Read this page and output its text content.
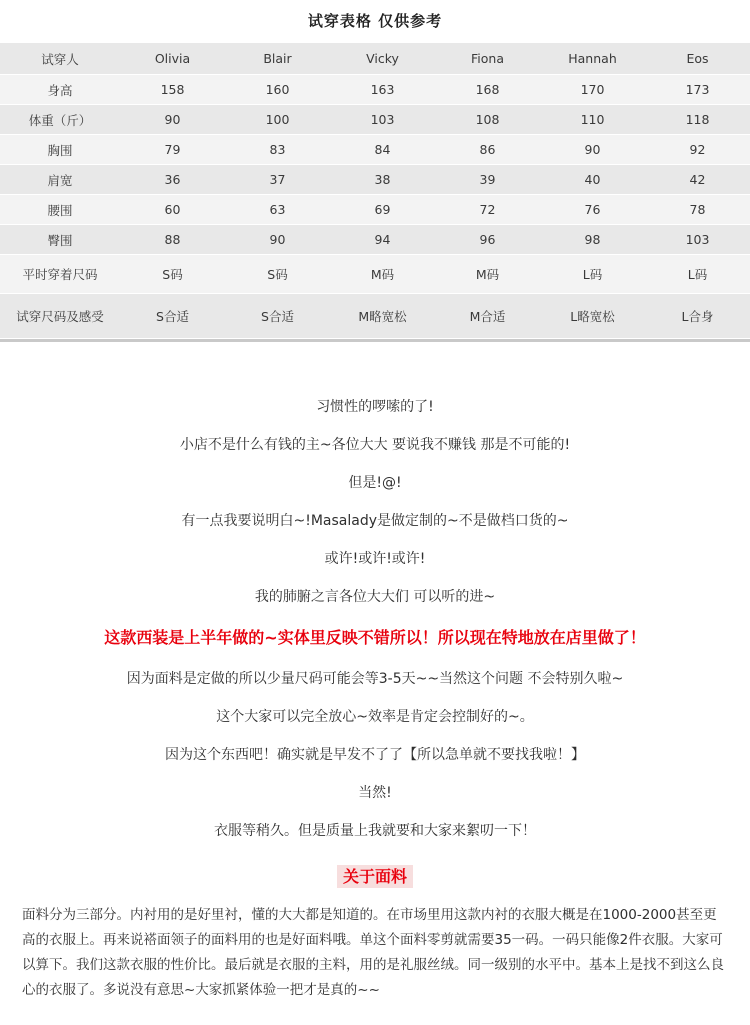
试穿表格 仅供参考
试穿人	Olivia	Blair	Vicky	Fiona	Hannah	Eos
身高	158	160	163	168	170	173
体重（斤）	90	100	103	108	110	118
胸围	79	83	84	86	90	92
肩宽	36	37	38	39	40	42
腰围	60	63	69	72	76	78
臀围	88	90	94	96	98	103
平时穿着尺码	S码	S码	M码	M码	L码	L码
试穿尺码及感受	S合适	S合适	M略宽松	M合适	L略宽松	L合身

习惯性的啰嗦的了!

小店不是什么有钱的主~各位大大 要说我不赚钱 那是不可能的!

但是!@!

有一点我要说明白~!Masalady是做定制的~不是做档口货的~

或许!或许!或许!

我的肺腑之言各位大大们 可以听的进~

这款西装是上半年做的~实体里反映不错所以！所以现在特地放在店里做了！

因为面料是定做的所以少量尺码可能会等3-5天~~当然这个问题 不会特别久啦~

这个大家可以完全放心~效率是肯定会控制好的~。

因为这个东西吧！确实就是早发不了了【所以急单就不要找我啦！】

当然!

衣服等稍久。但是质量上我就要和大家来絮叨一下！

关于面料
面料分为三部分。内衬用的是好里衬，懂的大大都是知道的。在市场里用这款内衬的衣服大概是在1000-2000甚至更高的衣服上。再来说褡面领子的面料用的也是好面料哦。单这个面料零剪就需要35一码。一码只能像2件衣服。大家可以算下。我们这款衣服的性价比。最后就是衣服的主料，用的是礼服丝绒。同一级别的水平中。基本上是找不到这么良心的衣服了。多说没有意思~大家抓紧体验一把才是真的~~
